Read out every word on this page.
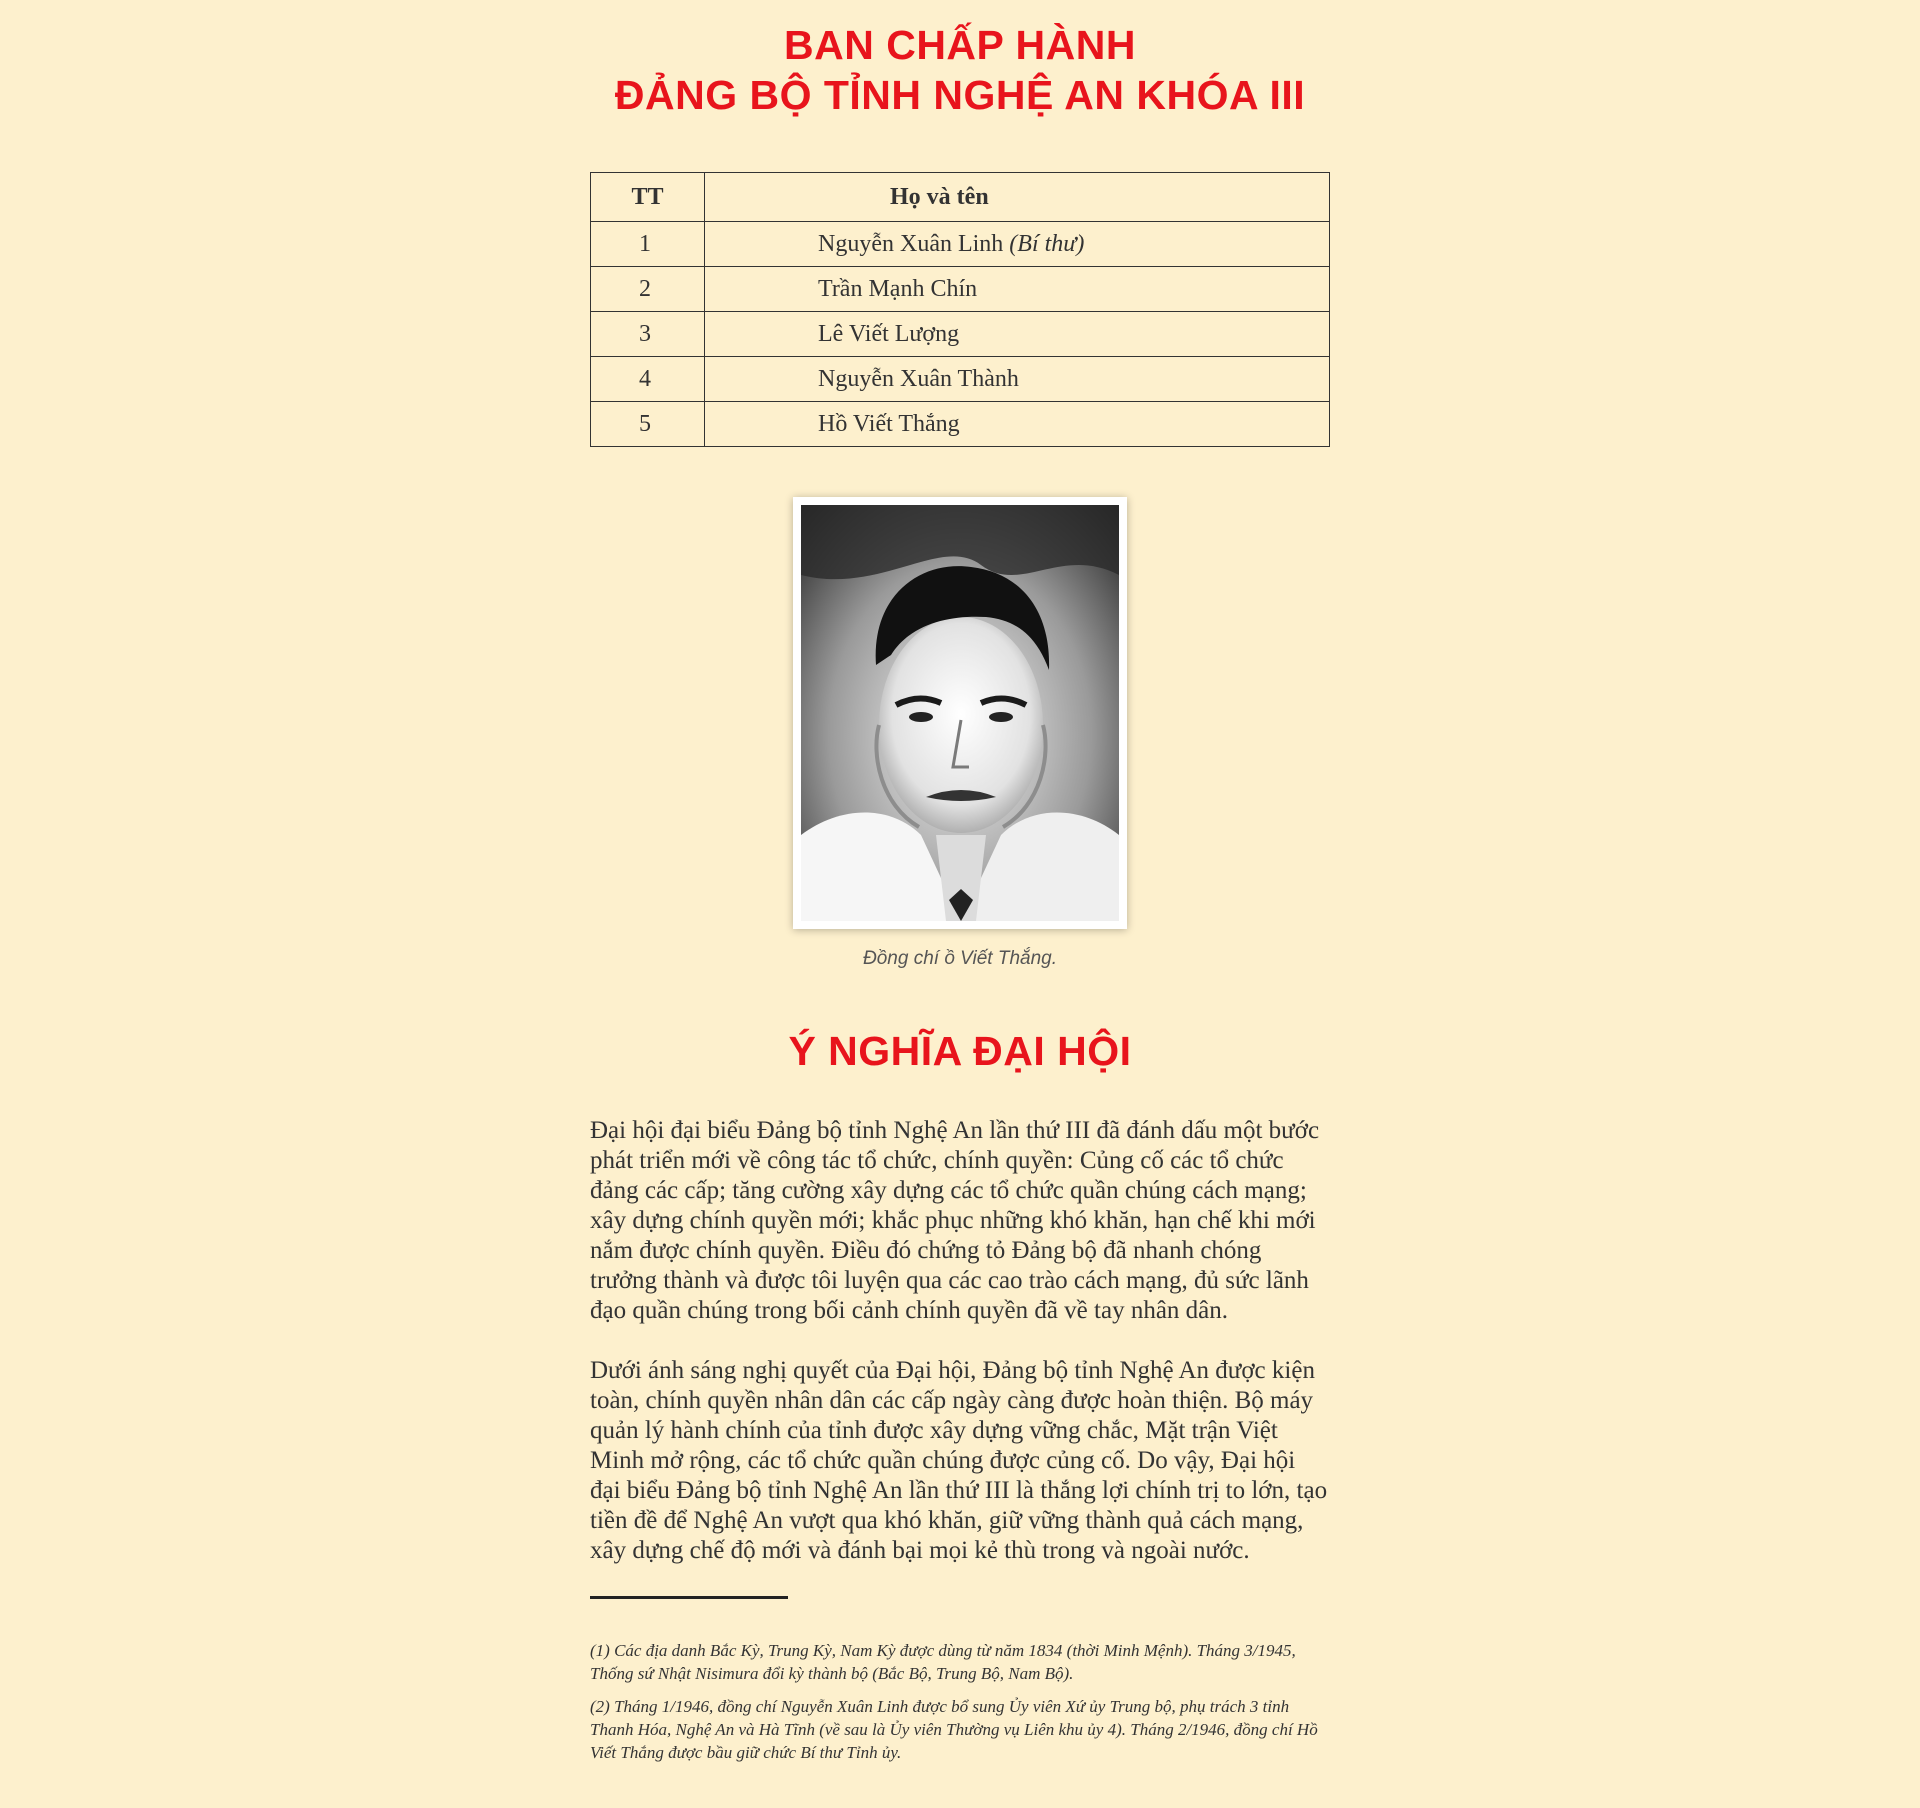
BAN CHẤP HÀNH
ĐẢNG BỘ TỈNH NGHỆ AN KHÓA III
TT	Họ và tên
1	Nguyễn Xuân Linh (Bí thư)
2	Trần Mạnh Chín
3	Lê Viết Lượng
4	Nguyễn Xuân Thành
5	Hồ Viết Thắng
Đồng chí ồ Viết Thắng.
Ý NGHĨA ĐẠI HỘI

Đại hội đại biểu Đảng bộ tỉnh Nghệ An lần thứ III đã đánh dấu một bước phát triển mới về công tác tổ chức, chính quyền: Củng cố các tổ chức đảng các cấp; tăng cường xây dựng các tổ chức quần chúng cách mạng; xây dựng chính quyền mới; khắc phục những khó khăn, hạn chế khi mới nắm được chính quyền. Điều đó chứng tỏ Đảng bộ đã nhanh chóng trưởng thành và được tôi luyện qua các cao trào cách mạng, đủ sức lãnh đạo quần chúng trong bối cảnh chính quyền đã về tay nhân dân.

Dưới ánh sáng nghị quyết của Đại hội, Đảng bộ tỉnh Nghệ An được kiện toàn, chính quyền nhân dân các cấp ngày càng được hoàn thiện. Bộ máy quản lý hành chính của tỉnh được xây dựng vững chắc, Mặt trận Việt Minh mở rộng, các tổ chức quần chúng được củng cố. Do vậy, Đại hội đại biểu Đảng bộ tỉnh Nghệ An lần thứ III là thắng lợi chính trị to lớn, tạo tiền đề để Nghệ An vượt qua khó khăn, giữ vững thành quả cách mạng, xây dựng chế độ mới và đánh bại mọi kẻ thù trong và ngoài nước.

(1) Các địa danh Bắc Kỳ, Trung Kỳ, Nam Kỳ được dùng từ năm 1834 (thời Minh Mệnh). Tháng 3/1945, Thống sứ Nhật Nisimura đổi kỳ thành bộ (Bắc Bộ, Trung Bộ, Nam Bộ).

(2) Tháng 1/1946, đồng chí Nguyễn Xuân Linh được bổ sung Ủy viên Xứ ủy Trung bộ, phụ trách 3 tỉnh Thanh Hóa, Nghệ An và Hà Tĩnh (về sau là Ủy viên Thường vụ Liên khu ủy 4). Tháng 2/1946, đồng chí Hồ Viết Thắng được bầu giữ chức Bí thư Tỉnh ủy.
